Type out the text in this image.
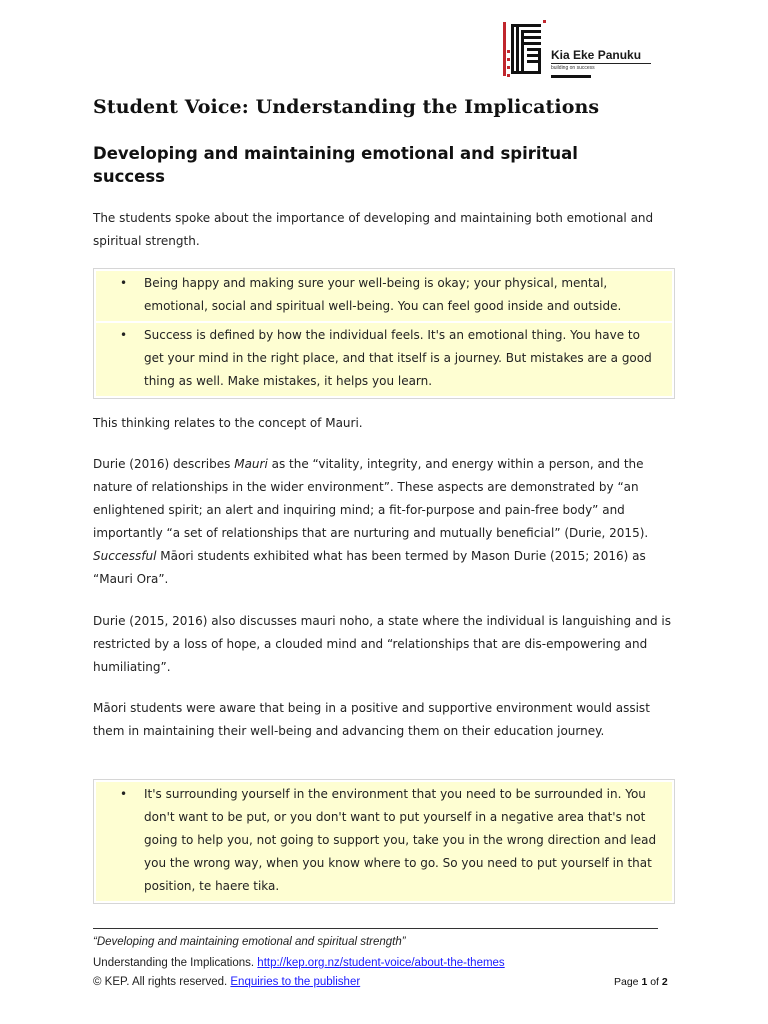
Kia Eke Panuku
building on success
Student Voice: Understanding the Implications
Developing and maintaining emotional and spiritual success

The students spoke about the importance of developing and maintaining both emotional and spiritual strength.

• Being happy and making sure your well-being is okay; your physical, mental, emotional, social and spiritual well-being. You can feel good inside and outside.
• Success is defined by how the individual feels. It's an emotional thing. You have to get your mind in the right place, and that itself is a journey. But mistakes are a good thing as well. Make mistakes, it helps you learn.

This thinking relates to the concept of Mauri.

Durie (2016) describes Mauri as the “vitality, integrity, and energy within a person, and the nature of relationships in the wider environment”. These aspects are demonstrated by “an enlightened spirit; an alert and inquiring mind; a fit-for-purpose and pain-free body” and importantly “a set of relationships that are nurturing and mutually beneficial” (Durie, 2015). Successful Māori students exhibited what has been termed by Mason Durie (2015; 2016) as “Mauri Ora”.

Durie (2015, 2016) also discusses mauri noho, a state where the individual is languishing and is restricted by a loss of hope, a clouded mind and “relationships that are dis-empowering and humiliating”.

Māori students were aware that being in a positive and supportive environment would assist them in maintaining their well-being and advancing them on their education journey.

• It's surrounding yourself in the environment that you need to be surrounded in. You don't want to be put, or you don't want to put yourself in a negative area that's not going to help you, not going to support you, take you in the wrong direction and lead you the wrong way, when you know where to go. So you need to put yourself in that position, te haere tika.
“Developing and maintaining emotional and spiritual strength”
Understanding the Implications. http://kep.org.nz/student-voice/about-the-themes
© KEP. All rights reserved. Enquiries to the publisher	Page 1 of 2
